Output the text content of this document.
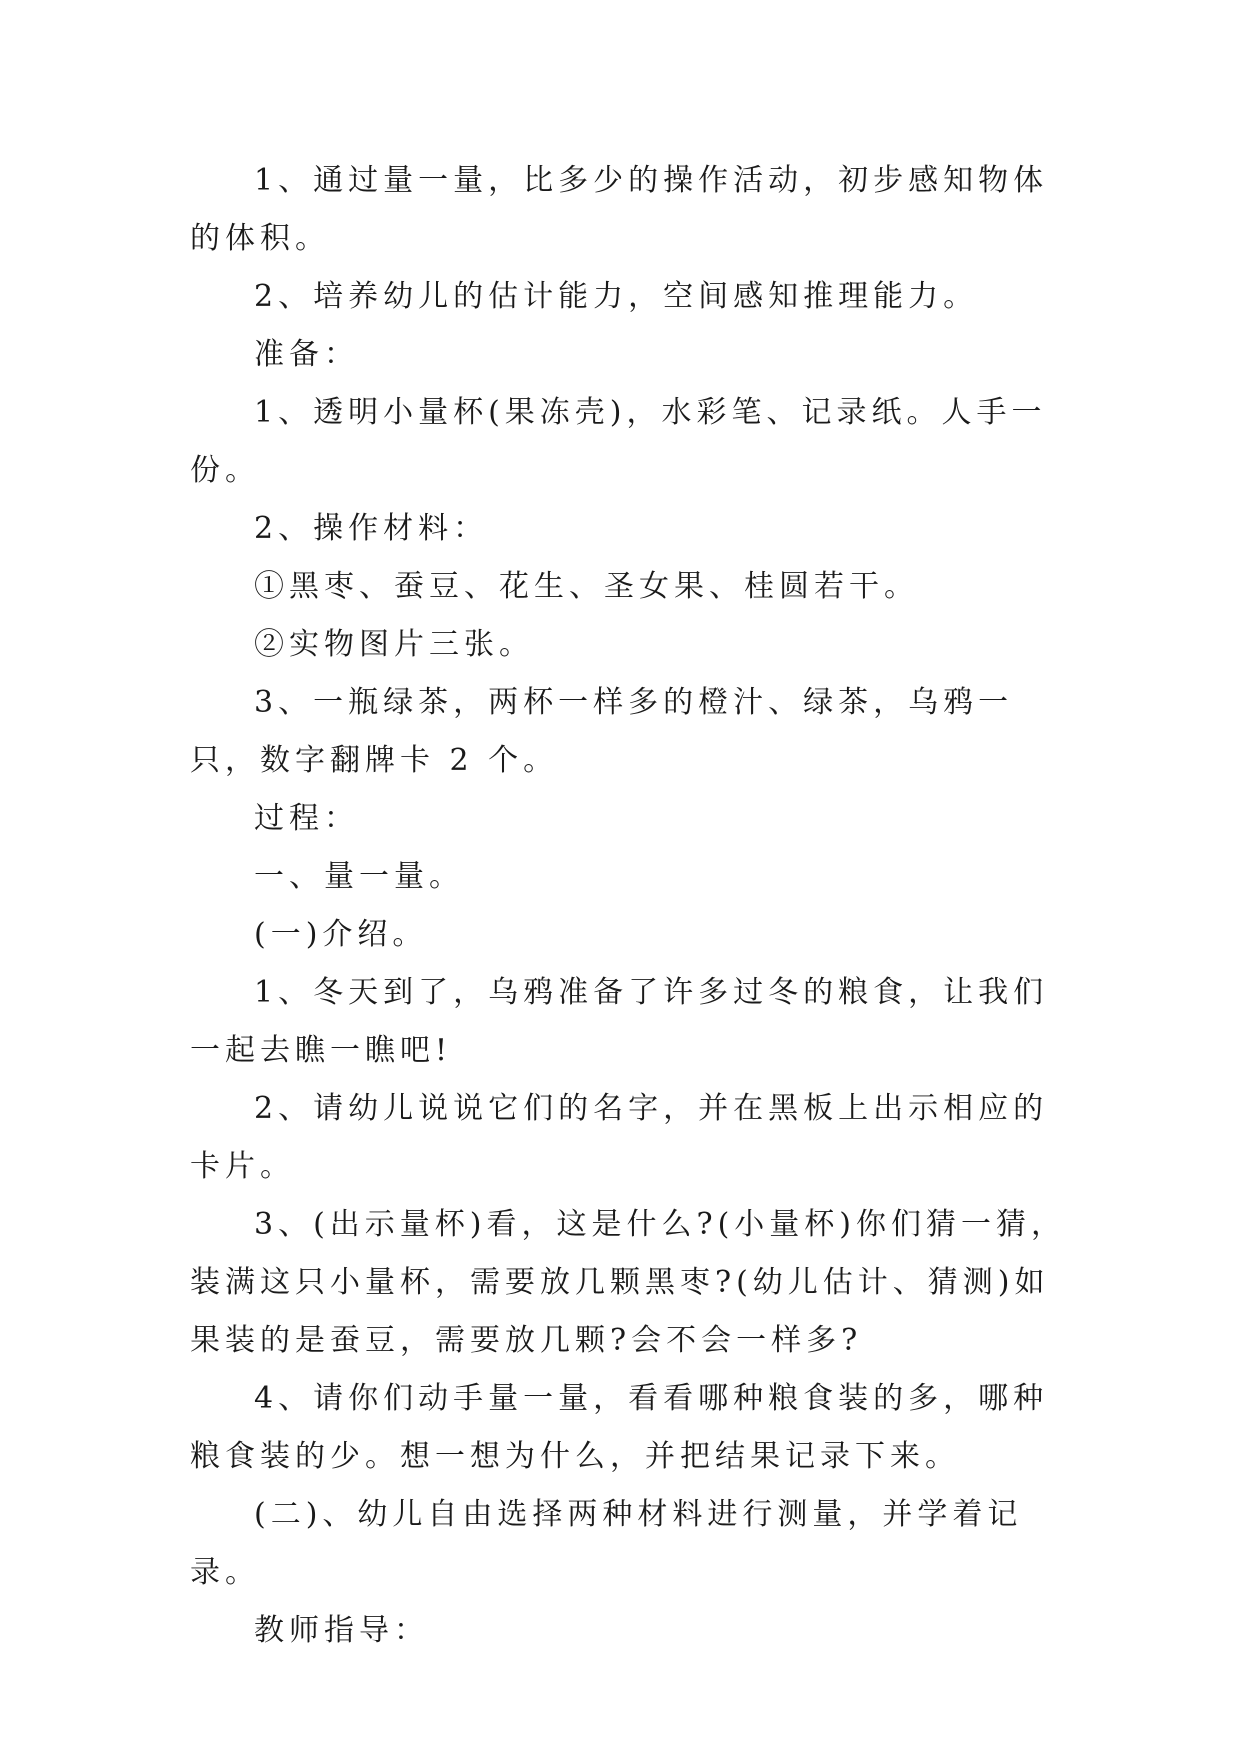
1、通过量一量，比多少的操作活动，初步感知物体的体积。

2、培养幼儿的估计能力，空间感知推理能力。

准备：

1、透明小量杯(果冻壳)，水彩笔、记录纸。人手一份。

2、操作材料：

①黑枣、蚕豆、花生、圣女果、桂圆若干。

②实物图片三张。

3、一瓶绿茶，两杯一样多的橙汁、绿茶，乌鸦一只，数字翻牌卡 2 个。

过程：

一、量一量。

(一)介绍。

1、冬天到了，乌鸦准备了许多过冬的粮食，让我们一起去瞧一瞧吧!

2、请幼儿说说它们的名字，并在黑板上出示相应的卡片。

3、(出示量杯)看，这是什么?(小量杯)你们猜一猜，装满这只小量杯，需要放几颗黑枣?(幼儿估计、猜测)如果装的是蚕豆，需要放几颗?会不会一样多?

4、请你们动手量一量，看看哪种粮食装的多，哪种粮食装的少。想一想为什么，并把结果记录下来。

(二)、幼儿自由选择两种材料进行测量，并学着记录。

教师指导：
